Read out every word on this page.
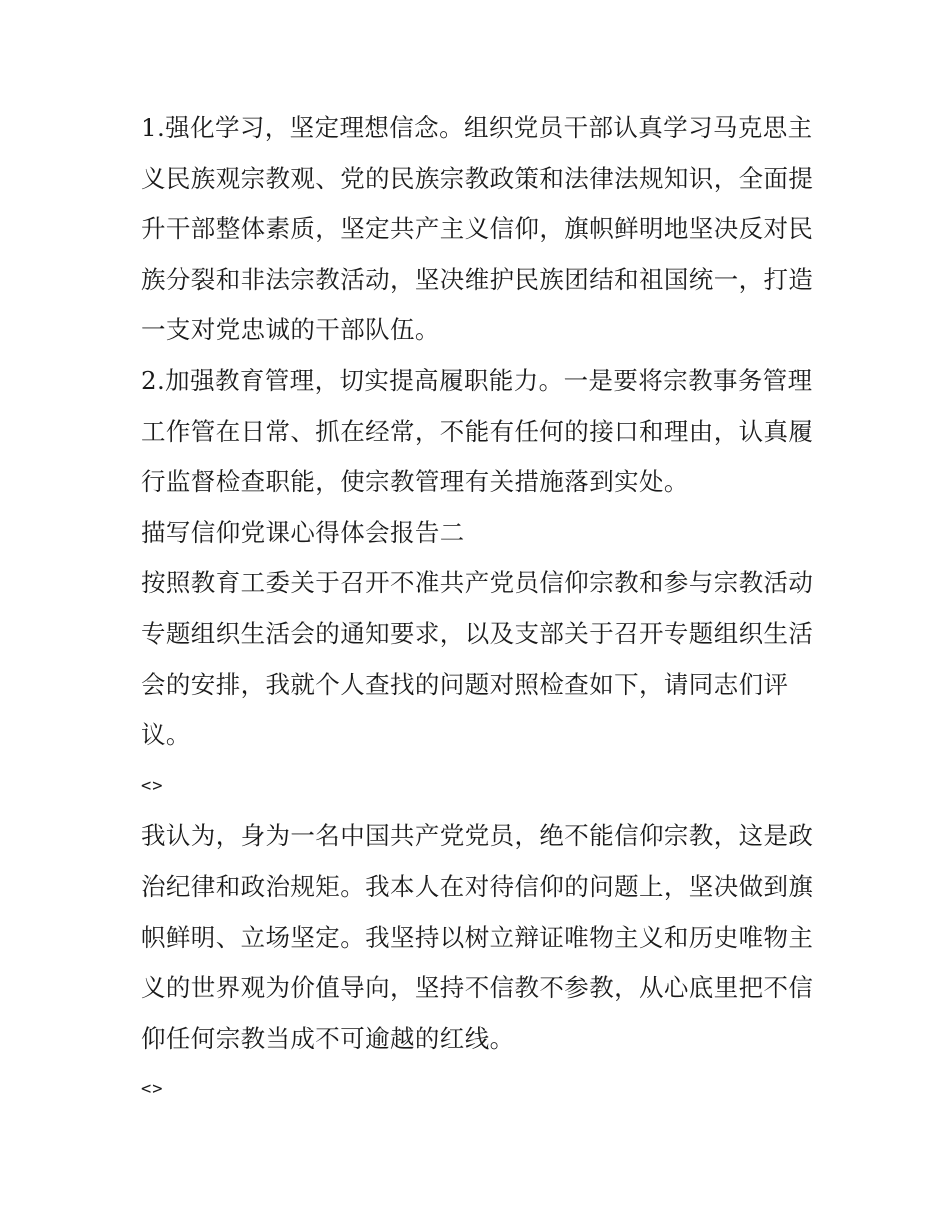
1.强化学习，坚定理想信念。组织党员干部认真学习马克思主义民族观宗教观、党的民族宗教政策和法律法规知识，全面提升干部整体素质，坚定共产主义信仰，旗帜鲜明地坚决反对民族分裂和非法宗教活动，坚决维护民族团结和祖国统一，打造一支对党忠诚的干部队伍。

2.加强教育管理，切实提高履职能力。一是要将宗教事务管理工作管在日常、抓在经常，不能有任何的接口和理由，认真履行监督检查职能，使宗教管理有关措施落到实处。

描写信仰党课心得体会报告二

按照教育工委关于召开不准共产党员信仰宗教和参与宗教活动专题组织生活会的通知要求，以及支部关于召开专题组织生活会的安排，我就个人查找的问题对照检查如下，请同志们评议。

<>

我认为，身为一名中国共产党党员，绝不能信仰宗教，这是政治纪律和政治规矩。我本人在对待信仰的问题上，坚决做到旗帜鲜明、立场坚定。我坚持以树立辩证唯物主义和历史唯物主义的世界观为价值导向，坚持不信教不参教，从心底里把不信仰任何宗教当成不可逾越的红线。

<>
